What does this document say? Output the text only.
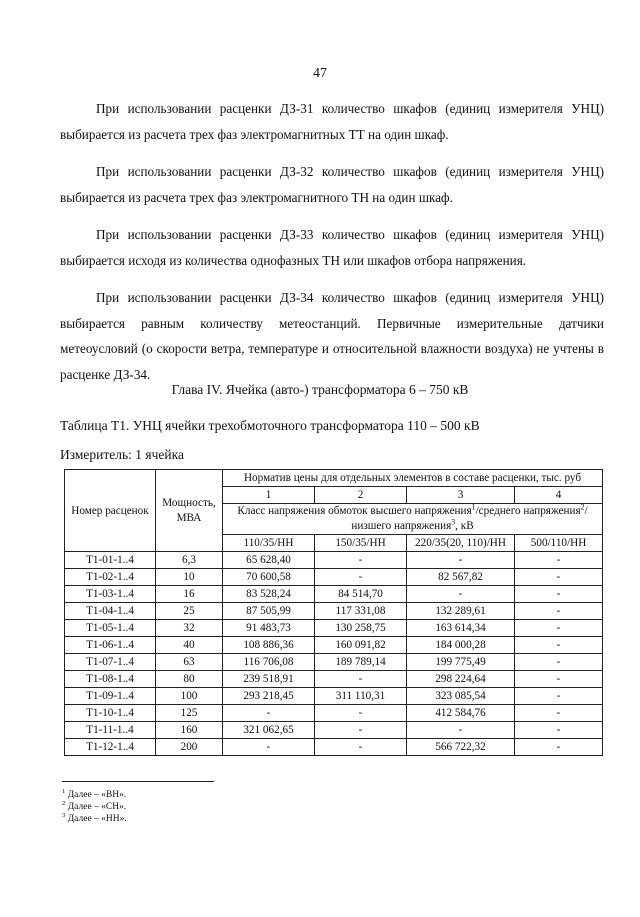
47

При использовании расценки ДЗ-31 количество шкафов (единиц измерителя УНЦ) выбирается из расчета трех фаз электромагнитных ТТ на один шкаф.

При использовании расценки ДЗ-32 количество шкафов (единиц измерителя УНЦ) выбирается из расчета трех фаз электромагнитного ТН на один шкаф.

При использовании расценки ДЗ-33 количество шкафов (единиц измерителя УНЦ) выбирается исходя из количества однофазных ТН или шкафов отбора напряжения.

При использовании расценки ДЗ-34 количество шкафов (единиц измерителя УНЦ) выбирается равным количеству метеостанций. Первичные измерительные датчики метеоусловий (о скорости ветра, температуре и относительной влажности воздуха) не учтены в расценке ДЗ-34.

Глава IV. Ячейка (авто-) трансформатора 6 – 750 кВ
Таблица Т1. УНЦ ячейки трехобмоточного трансформатора 110 – 500 кВ
Измеритель: 1 ячейка
Номер расценок	Мощность, МВА	Норматив цены для отдельных элементов в составе расценки, тыс. руб			
		1	2	3	4
		Класс напряжения обмоток высшего напряжения$^1$/среднего напряжения$^2$/низшего напряжения$^3$, кВ			
		110/35/НН	150/35/НН	220/35(20, 110)/НН	500/110/НН
Т1-01-1..4	6,3	65 628,40	-	-	-
Т1-02-1..4	10	70 600,58	-	82 567,82	-
Т1-03-1..4	16	83 528,24	84 514,70	-	-
Т1-04-1..4	25	87 505,99	117 331,08	132 289,61	-
Т1-05-1..4	32	91 483,73	130 258,75	163 614,34	-
Т1-06-1..4	40	108 886,36	160 091,82	184 000,28	-
Т1-07-1..4	63	116 706,08	189 789,14	199 775,49	-
Т1-08-1..4	80	239 518,91	-	298 224,64	-
Т1-09-1..4	100	293 218,45	311 110,31	323 085,54	-
Т1-10-1..4	125	-	-	412 584,76	-
Т1-11-1..4	160	321 062,65	-	-	-
Т1-12-1..4	200	-	-	566 722,32	-
$^1$ Далее – «ВН».
$^2$ Далее – «СН».
$^3$ Далее – «НН».
